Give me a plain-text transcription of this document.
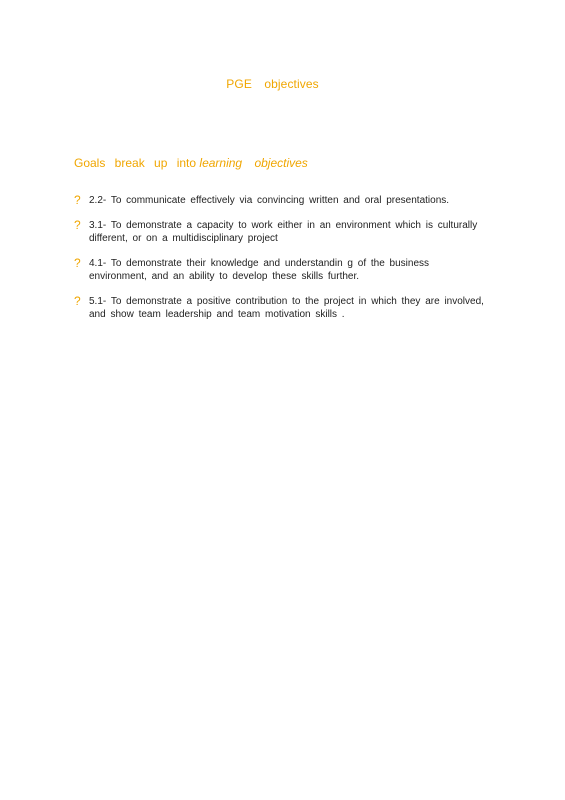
PGE objectives
Goals break up into learning objectives
? 2.2- To communicate effectively via convincing written and oral presentations.
? 3.1- To demonstrate a capacity to work either in an environment which is culturally
different, or on a multidisciplinary project
? 4.1- To demonstrate their knowledge and understandin g of the business
environment, and an ability to develop these skills further.
? 5.1- To demonstrate a positive contribution to the project in which they are involved,
and show team leadership and team motivation skills .
